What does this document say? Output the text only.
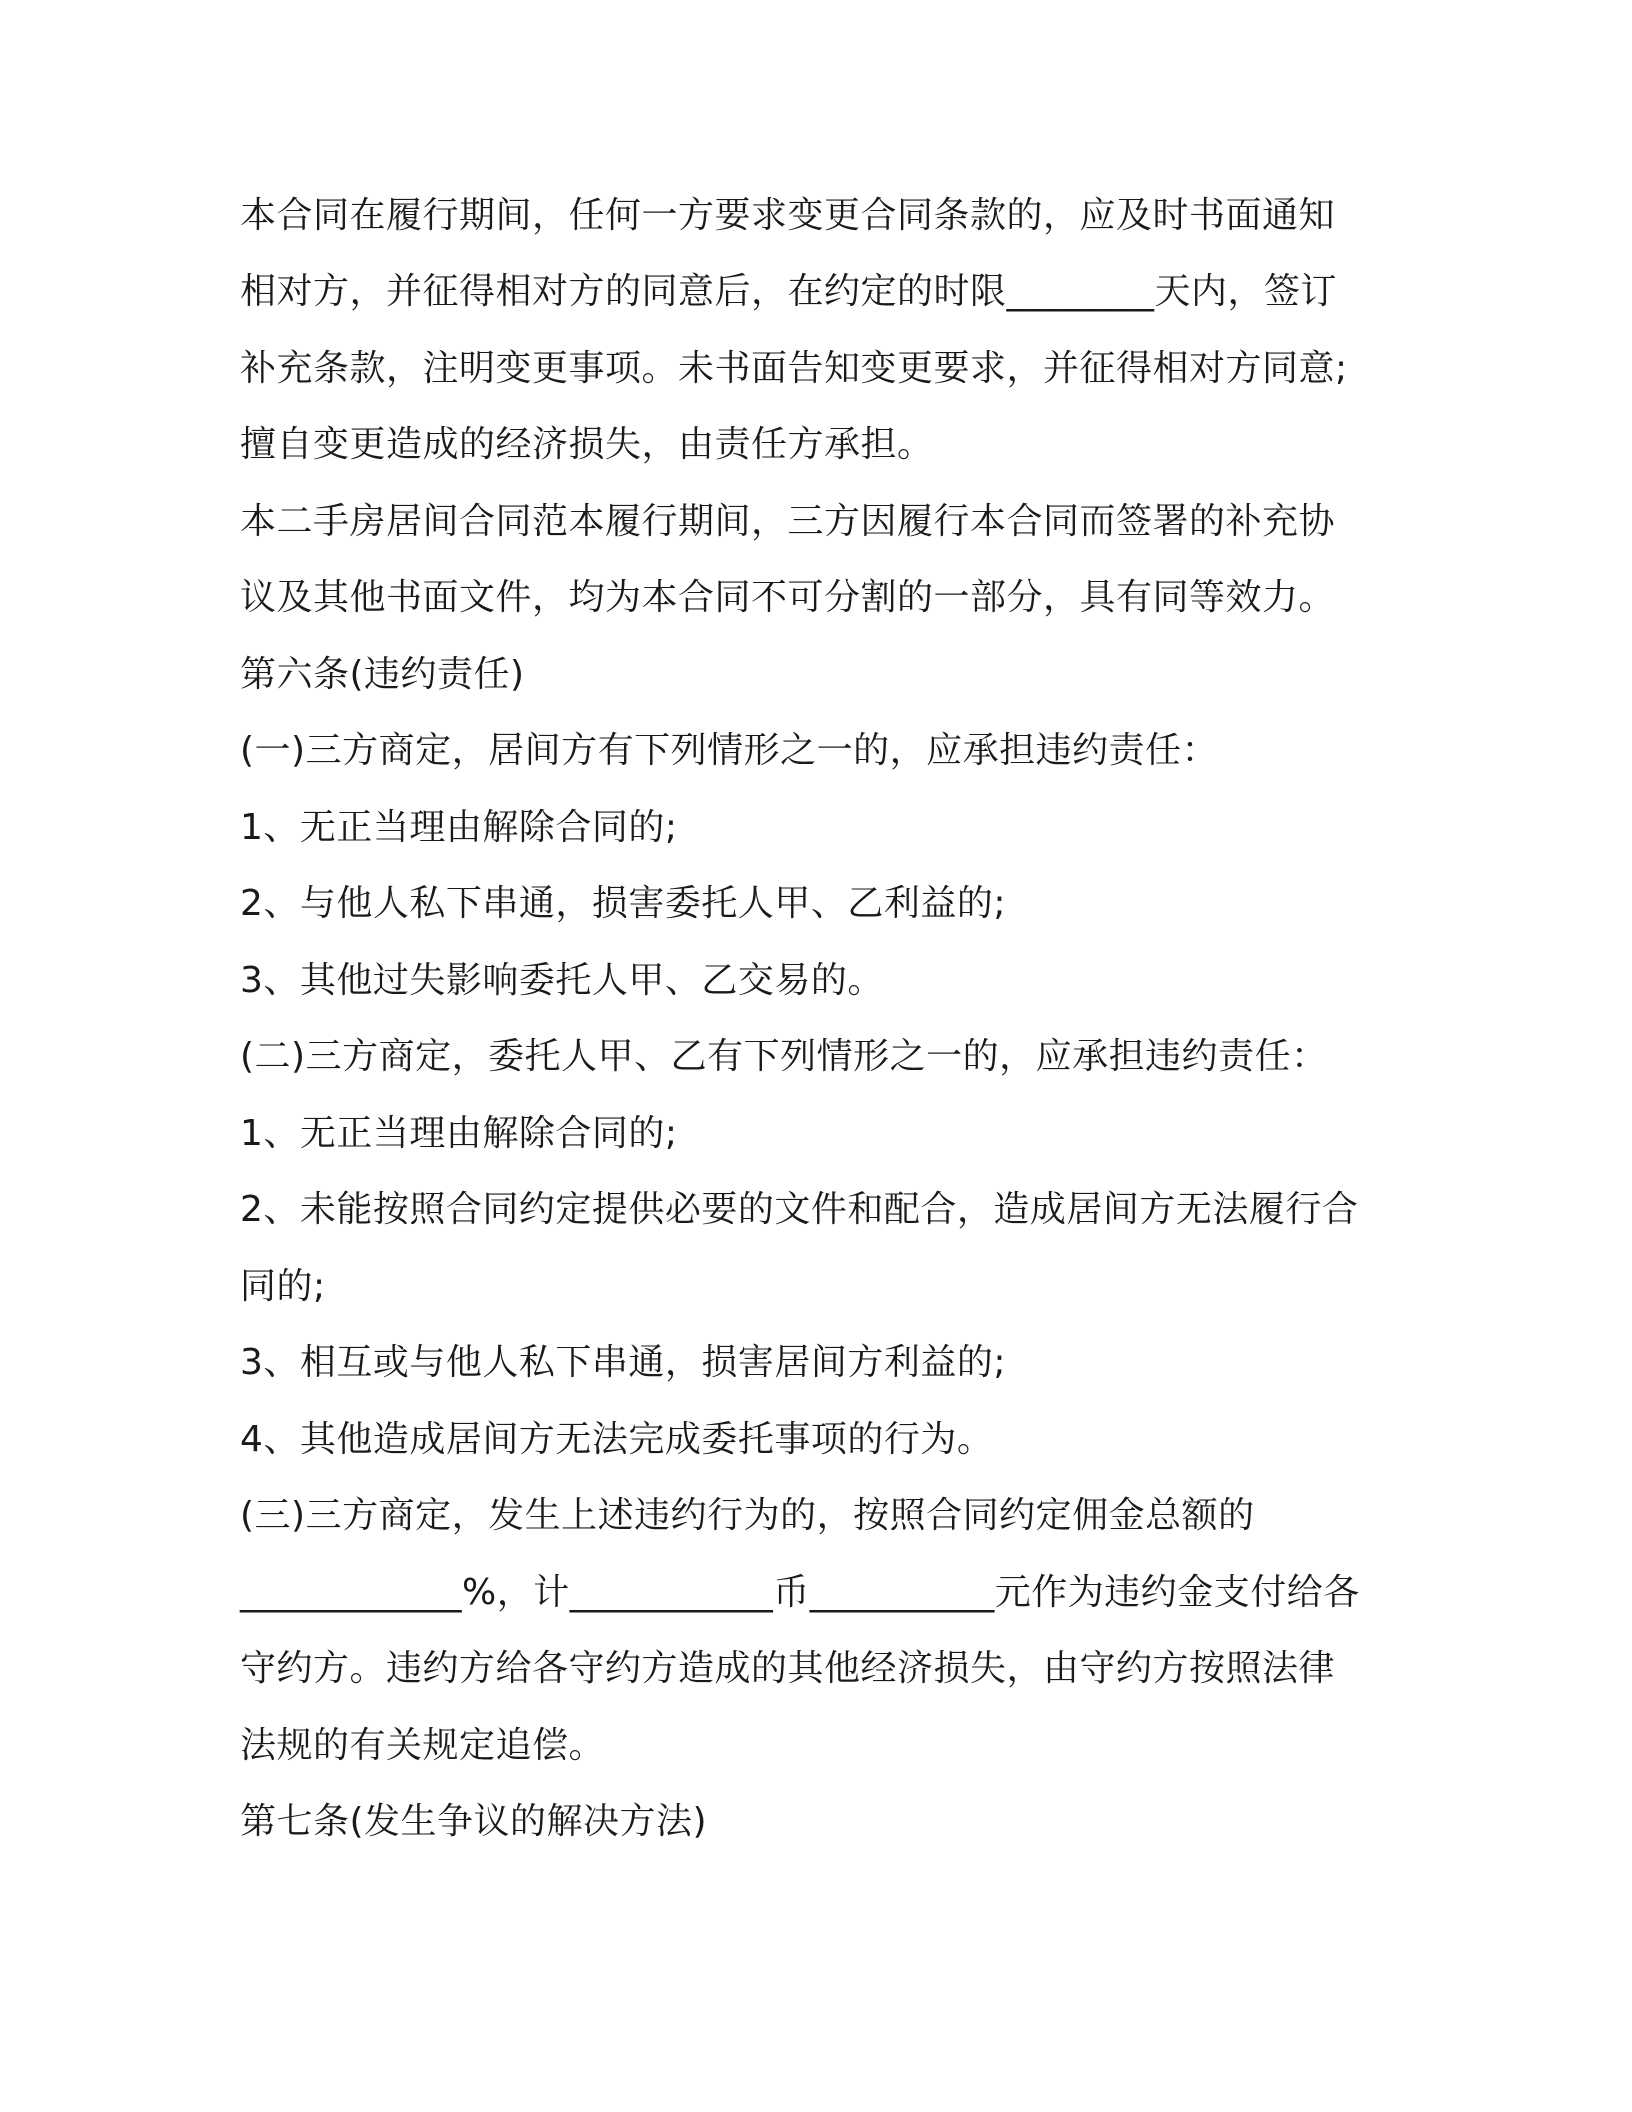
本合同在履行期间，任何一方要求变更合同条款的，应及时书面通知
相对方，并征得相对方的同意后，在约定的时限________天内，签订
补充条款，注明变更事项。未书面告知变更要求，并征得相对方同意;
擅自变更造成的经济损失，由责任方承担。
本二手房居间合同范本履行期间，三方因履行本合同而签署的补充协
议及其他书面文件，均为本合同不可分割的一部分，具有同等效力。
第六条(违约责任)
(一)三方商定，居间方有下列情形之一的，应承担违约责任：
1、无正当理由解除合同的;
2、与他人私下串通，损害委托人甲、乙利益的;
3、其他过失影响委托人甲、乙交易的。
(二)三方商定，委托人甲、乙有下列情形之一的，应承担违约责任：
1、无正当理由解除合同的;
2、未能按照合同约定提供必要的文件和配合，造成居间方无法履行合
同的;
3、相互或与他人私下串通，损害居间方利益的;
4、其他造成居间方无法完成委托事项的行为。
(三)三方商定，发生上述违约行为的，按照合同约定佣金总额的
____________%，计___________币__________元作为违约金支付给各
守约方。违约方给各守约方造成的其他经济损失，由守约方按照法律
法规的有关规定追偿。
第七条(发生争议的解决方法)
